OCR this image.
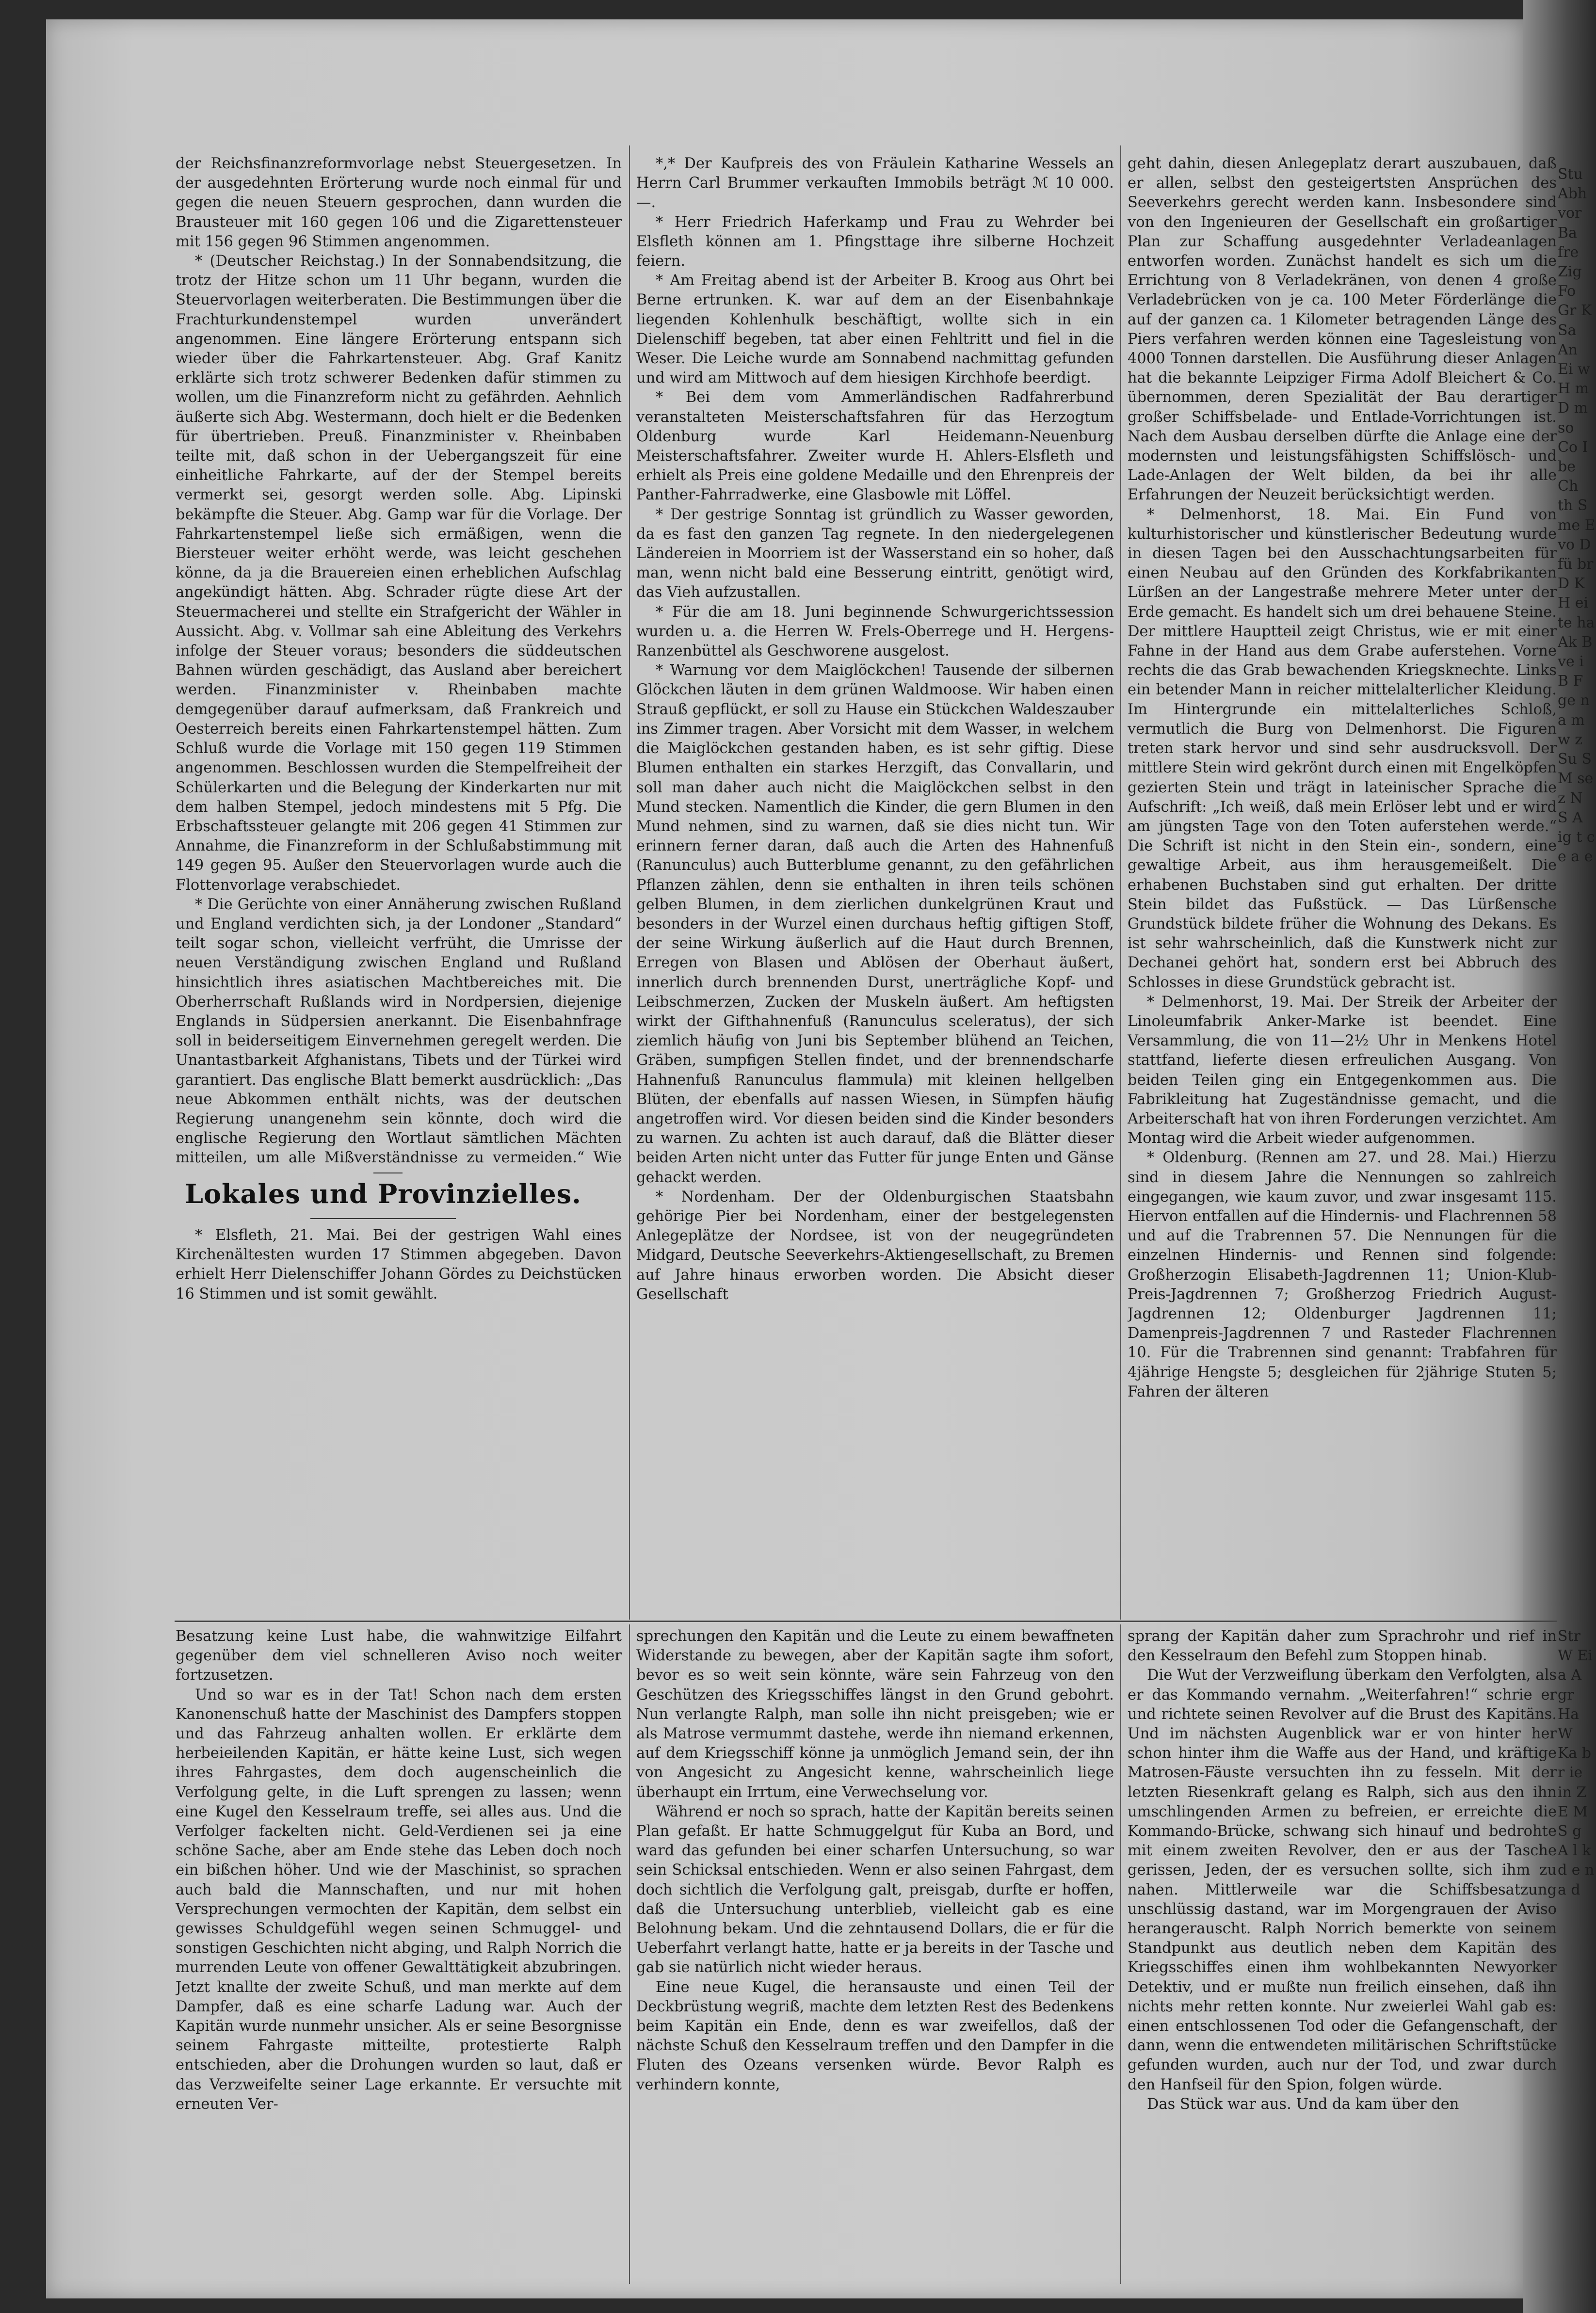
der Reichsfinanzreformvorlage nebst Steuergesetzen. In der ausgedehnten Erörterung wurde noch einmal für und gegen die neuen Steuern gesprochen, dann wurden die Brausteuer mit 160 gegen 106 und die Zigarettensteuer mit 156 gegen 96 Stimmen angenommen.

* (Deutscher Reichstag.) In der Sonnabendsitzung, die trotz der Hitze schon um 11 Uhr begann, wurden die Steuervorlagen weiterberaten. Die Bestimmungen über die Frachturkundenstempel wurden unverändert angenommen. Eine längere Erörterung entspann sich wieder über die Fahrkartensteuer. Abg. Graf Kanitz erklärte sich trotz schwerer Bedenken dafür stimmen zu wollen, um die Finanzreform nicht zu gefährden. Aehnlich äußerte sich Abg. Westermann, doch hielt er die Bedenken für übertrieben. Preuß. Finanzminister v. Rheinbaben teilte mit, daß schon in der Uebergangszeit für eine einheitliche Fahrkarte, auf der der Stempel bereits vermerkt sei, gesorgt werden solle. Abg. Lipinski bekämpfte die Steuer. Abg. Gamp war für die Vorlage. Der Fahrkartenstempel ließe sich ermäßigen, wenn die Biersteuer weiter erhöht werde, was leicht geschehen könne, da ja die Brauereien einen erheblichen Aufschlag angekündigt hätten. Abg. Schrader rügte diese Art der Steuermacherei und stellte ein Strafgericht der Wähler in Aussicht. Abg. v. Vollmar sah eine Ableitung des Verkehrs infolge der Steuer voraus; besonders die süddeutschen Bahnen würden geschädigt, das Ausland aber bereichert werden. Finanzminister v. Rheinbaben machte demgegenüber darauf aufmerksam, daß Frankreich und Oesterreich bereits einen Fahrkartenstempel hätten. Zum Schluß wurde die Vorlage mit 150 gegen 119 Stimmen angenommen. Beschlossen wurden die Stempelfreiheit der Schülerkarten und die Belegung der Kinderkarten nur mit dem halben Stempel, jedoch mindestens mit 5 Pfg. Die Erbschaftssteuer gelangte mit 206 gegen 41 Stimmen zur Annahme, die Finanzreform in der Schlußabstimmung mit 149 gegen 95. Außer den Steuervorlagen wurde auch die Flottenvorlage verabschiedet.

* Die Gerüchte von einer Annäherung zwischen Rußland und England verdichten sich, ja der Londoner „Standard“ teilt sogar schon, vielleicht verfrüht, die Umrisse der neuen Verständigung zwischen England und Rußland hinsichtlich ihres asiatischen Machtbereiches mit. Die Oberherrschaft Rußlands wird in Nordpersien, diejenige Englands in Südpersien anerkannt. Die Eisenbahnfrage soll in beiderseitigem Einvernehmen geregelt werden. Die Unantastbarkeit Afghanistans, Tibets und der Türkei wird garantiert. Das englische Blatt bemerkt ausdrücklich: „Das neue Abkommen enthält nichts, was der deutschen Regierung unangenehm sein könnte, doch wird die englische Regierung den Wortlaut sämtlichen Mächten mitteilen, um alle Mißverständnisse zu vermeiden.“ Wie

Lokales und Provinzielles.

* Elsfleth, 21. Mai. Bei der gestrigen Wahl eines Kirchenältesten wurden 17 Stimmen abgegeben. Davon erhielt Herr Dielenschiffer Johann Gördes zu Deichstücken 16 Stimmen und ist somit gewählt.

*,* Der Kaufpreis des von Fräulein Katharine Wessels an Herrn Carl Brummer verkauften Immobils beträgt ℳ 10 000.—.

* Herr Friedrich Haferkamp und Frau zu Wehrder bei Elsfleth können am 1. Pfingsttage ihre silberne Hochzeit feiern.

* Am Freitag abend ist der Arbeiter B. Kroog aus Ohrt bei Berne ertrunken. K. war auf dem an der Eisenbahnkaje liegenden Kohlenhulk beschäftigt, wollte sich in ein Dielenschiff begeben, tat aber einen Fehltritt und fiel in die Weser. Die Leiche wurde am Sonnabend nachmittag gefunden und wird am Mittwoch auf dem hiesigen Kirchhofe beerdigt.

* Bei dem vom Ammerländischen Radfahrerbund veranstalteten Meisterschaftsfahren für das Herzogtum Oldenburg wurde Karl Heidemann-Neuenburg Meisterschaftsfahrer. Zweiter wurde H. Ahlers-Elsfleth und erhielt als Preis eine goldene Medaille und den Ehrenpreis der Panther-Fahrradwerke, eine Glasbowle mit Löffel.

* Der gestrige Sonntag ist gründlich zu Wasser geworden, da es fast den ganzen Tag regnete. In den niedergelegenen Ländereien in Moorriem ist der Wasserstand ein so hoher, daß man, wenn nicht bald eine Besserung eintritt, genötigt wird, das Vieh aufzustallen.

* Für die am 18. Juni beginnende Schwurgerichtssession wurden u. a. die Herren W. Frels-Oberrege und H. Hergens-Ranzenbüttel als Geschworene ausgelost.

* Warnung vor dem Maiglöckchen! Tausende der silbernen Glöckchen läuten in dem grünen Waldmoose. Wir haben einen Strauß gepflückt, er soll zu Hause ein Stückchen Waldeszauber ins Zimmer tragen. Aber Vorsicht mit dem Wasser, in welchem die Maiglöckchen gestanden haben, es ist sehr giftig. Diese Blumen enthalten ein starkes Herzgift, das Convallarin, und soll man daher auch nicht die Maiglöckchen selbst in den Mund stecken. Namentlich die Kinder, die gern Blumen in den Mund nehmen, sind zu warnen, daß sie dies nicht tun. Wir erinnern ferner daran, daß auch die Arten des Hahnenfuß (Ranunculus) auch Butterblume genannt, zu den gefährlichen Pflanzen zählen, denn sie enthalten in ihren teils schönen gelben Blumen, in dem zierlichen dunkelgrünen Kraut und besonders in der Wurzel einen durchaus heftig giftigen Stoff, der seine Wirkung äußerlich auf die Haut durch Brennen, Erregen von Blasen und Ablösen der Oberhaut äußert, innerlich durch brennenden Durst, unerträgliche Kopf- und Leibschmerzen, Zucken der Muskeln äußert. Am heftigsten wirkt der Gifthahnenfuß (Ranunculus sceleratus), der sich ziemlich häufig von Juni bis September blühend an Teichen, Gräben, sumpfigen Stellen findet, und der brennendscharfe Hahnenfuß Ranunculus flammula) mit kleinen hellgelben Blüten, der ebenfalls auf nassen Wiesen, in Sümpfen häufig angetroffen wird. Vor diesen beiden sind die Kinder besonders zu warnen. Zu achten ist auch darauf, daß die Blätter dieser beiden Arten nicht unter das Futter für junge Enten und Gänse gehackt werden.

* Nordenham. Der der Oldenburgischen Staatsbahn gehörige Pier bei Nordenham, einer der bestgelegensten Anlegeplätze der Nordsee, ist von der neugegründeten Midgard, Deutsche Seeverkehrs-Aktiengesellschaft, zu Bremen auf Jahre hinaus erworben worden. Die Absicht dieser Gesellschaft

geht dahin, diesen Anlegeplatz derart auszubauen, daß er allen, selbst den gesteigertsten Ansprüchen des Seeverkehrs gerecht werden kann. Insbesondere sind von den Ingenieuren der Gesellschaft ein großartiger Plan zur Schaffung ausgedehnter Verladeanlagen entworfen worden. Zunächst handelt es sich um die Errichtung von 8 Verladekränen, von denen 4 große Verladebrücken von je ca. 100 Meter Förderlänge die auf der ganzen ca. 1 Kilometer betragenden Länge des Piers verfahren werden können eine Tagesleistung von 4000 Tonnen darstellen. Die Ausführung dieser Anlagen hat die bekannte Leipziger Firma Adolf Bleichert & Co. übernommen, deren Spezialität der Bau derartiger großer Schiffsbelade- und Entlade-Vorrichtungen ist. Nach dem Ausbau derselben dürfte die Anlage eine der modernsten und leistungsfähigsten Schiffslösch- und Lade-Anlagen der Welt bilden, da bei ihr alle Erfahrungen der Neuzeit berücksichtigt werden.

* Delmenhorst, 18. Mai. Ein Fund von kulturhistorischer und künstlerischer Bedeutung wurde in diesen Tagen bei den Ausschachtungsarbeiten für einen Neubau auf den Gründen des Korkfabrikanten Lürßen an der Langestraße mehrere Meter unter der Erde gemacht. Es handelt sich um drei behauene Steine. Der mittlere Hauptteil zeigt Christus, wie er mit einer Fahne in der Hand aus dem Grabe auferstehen. Vorne rechts die das Grab bewachenden Kriegsknechte. Links ein betender Mann in reicher mittelalterlicher Kleidung. Im Hintergrunde ein mittelalterliches Schloß, vermutlich die Burg von Delmenhorst. Die Figuren treten stark hervor und sind sehr ausdrucksvoll. Der mittlere Stein wird gekrönt durch einen mit Engelköpfen gezierten Stein und trägt in lateinischer Sprache die Aufschrift: „Ich weiß, daß mein Erlöser lebt und er wird am jüngsten Tage von den Toten auferstehen werde.“ Die Schrift ist nicht in den Stein ein-, sondern, eine gewaltige Arbeit, aus ihm herausgemeißelt. Die erhabenen Buchstaben sind gut erhalten. Der dritte Stein bildet das Fußstück. — Das Lürßensche Grundstück bildete früher die Wohnung des Dekans. Es ist sehr wahrscheinlich, daß die Kunstwerk nicht zur Dechanei gehört hat, sondern erst bei Abbruch des Schlosses in diese Grundstück gebracht ist.

* Delmenhorst, 19. Mai. Der Streik der Arbeiter der Linoleumfabrik Anker-Marke ist beendet. Eine Versammlung, die von 11—2½ Uhr in Menkens Hotel stattfand, lieferte diesen erfreulichen Ausgang. Von beiden Teilen ging ein Entgegenkommen aus. Die Fabrikleitung hat Zugeständnisse gemacht, und die Arbeiterschaft hat von ihren Forderungen verzichtet. Am Montag wird die Arbeit wieder aufgenommen.

* Oldenburg. (Rennen am 27. und 28. Mai.) Hierzu sind in diesem Jahre die Nennungen so zahlreich eingegangen, wie kaum zuvor, und zwar insgesamt 115. Hiervon entfallen auf die Hindernis- und Flachrennen 58 und auf die Trabrennen 57. Die Nennungen für die einzelnen Hindernis- und Rennen sind folgende: Großherzogin Elisabeth-Jagdrennen 11; Union-Klub-Preis-Jagdrennen 7; Großherzog Friedrich August-Jagdrennen 12; Oldenburger Jagdrennen 11; Damenpreis-Jagdrennen 7 und Rasteder Flachrennen 10. Für die Trabrennen sind genannt: Trabfahren für 4jährige Hengste 5; desgleichen für 2jährige Stuten 5; Fahren der älteren

Stu Abh vor Ba fre Zig Fo Gr K Sa An Ei w H m D m so Co I be Ch th S me E vo D fü br D K H ei te ha Ak B ve i B F ge n a m w z Su S M se z N S A ig t c e a e

Besatzung keine Lust habe, die wahnwitzige Eilfahrt gegenüber dem viel schnelleren Aviso noch weiter fortzusetzen.

Und so war es in der Tat! Schon nach dem ersten Kanonenschuß hatte der Maschinist des Dampfers stoppen und das Fahrzeug anhalten wollen. Er erklärte dem herbeieilenden Kapitän, er hätte keine Lust, sich wegen ihres Fahrgastes, dem doch augenscheinlich die Verfolgung gelte, in die Luft sprengen zu lassen; wenn eine Kugel den Kesselraum treffe, sei alles aus. Und die Verfolger fackelten nicht. Geld-Verdienen sei ja eine schöne Sache, aber am Ende stehe das Leben doch noch ein bißchen höher. Und wie der Maschinist, so sprachen auch bald die Mannschaften, und nur mit hohen Versprechungen vermochten der Kapitän, dem selbst ein gewisses Schuldgefühl wegen seinen Schmuggel- und sonstigen Geschichten nicht abging, und Ralph Norrich die murrenden Leute von offener Gewalttätigkeit abzubringen. Jetzt knallte der zweite Schuß, und man merkte auf dem Dampfer, daß es eine scharfe Ladung war. Auch der Kapitän wurde nunmehr unsicher. Als er seine Besorgnisse seinem Fahrgaste mitteilte, protestierte Ralph entschieden, aber die Drohungen wurden so laut, daß er das Verzweifelte seiner Lage erkannte. Er versuchte mit erneuten Ver-

sprechungen den Kapitän und die Leute zu einem bewaffneten Widerstande zu bewegen, aber der Kapitän sagte ihm sofort, bevor es so weit sein könnte, wäre sein Fahrzeug von den Geschützen des Kriegsschiffes längst in den Grund gebohrt. Nun verlangte Ralph, man solle ihn nicht preisgeben; wie er als Matrose vermummt dastehe, werde ihn niemand erkennen, auf dem Kriegsschiff könne ja unmöglich Jemand sein, der ihn von Angesicht zu Angesicht kenne, wahrscheinlich liege überhaupt ein Irrtum, eine Verwechselung vor.

Während er noch so sprach, hatte der Kapitän bereits seinen Plan gefaßt. Er hatte Schmuggelgut für Kuba an Bord, und ward das gefunden bei einer scharfen Untersuchung, so war sein Schicksal entschieden. Wenn er also seinen Fahrgast, dem doch sichtlich die Verfolgung galt, preisgab, durfte er hoffen, daß die Untersuchung unterblieb, vielleicht gab es eine Belohnung bekam. Und die zehntausend Dollars, die er für die Ueberfahrt verlangt hatte, hatte er ja bereits in der Tasche und gab sie natürlich nicht wieder heraus.

Eine neue Kugel, die heransauste und einen Teil der Deckbrüstung wegriß, machte dem letzten Rest des Bedenkens beim Kapitän ein Ende, denn es war zweifellos, daß der nächste Schuß den Kesselraum treffen und den Dampfer in die Fluten des Ozeans versenken würde. Bevor Ralph es verhindern konnte,

sprang der Kapitän daher zum Sprachrohr und rief in den Kesselraum den Befehl zum Stoppen hinab.

Die Wut der Verzweiflung überkam den Verfolgten, als er das Kommando vernahm. „Weiterfahren!“ schrie er und richtete seinen Revolver auf die Brust des Kapitäns. Und im nächsten Augenblick war er von hinter her schon hinter ihm die Waffe aus der Hand, und kräftige Matrosen-Fäuste versuchten ihn zu fesseln. Mit der letzten Riesenkraft gelang es Ralph, sich aus den ihn umschlingenden Armen zu befreien, er erreichte die Kommando-Brücke, schwang sich hinauf und bedrohte mit einem zweiten Revolver, den er aus der Tasche gerissen, Jeden, der es versuchen sollte, sich ihm zu nahen. Mittlerweile war die Schiffsbesatzung unschlüssig dastand, war im Morgengrauen der Aviso herangerauscht. Ralph Norrich bemerkte von seinem Standpunkt aus deutlich neben dem Kapitän des Kriegsschiffes einen ihm wohlbekannten Newyorker Detektiv, und er mußte nun freilich einsehen, daß ihn nichts mehr retten konnte. Nur zweierlei Wahl gab es: einen entschlossenen Tod oder die Gefangenschaft, der dann, wenn die entwendeten militärischen Schriftstücke gefunden wurden, auch nur der Tod, und zwar durch den Hanfseil für den Spion, folgen würde.

Das Stück war aus. Und da kam über den

Str W Ei a A gr Ha W Ka b r ie in Z E M S g A l k d e n a d
